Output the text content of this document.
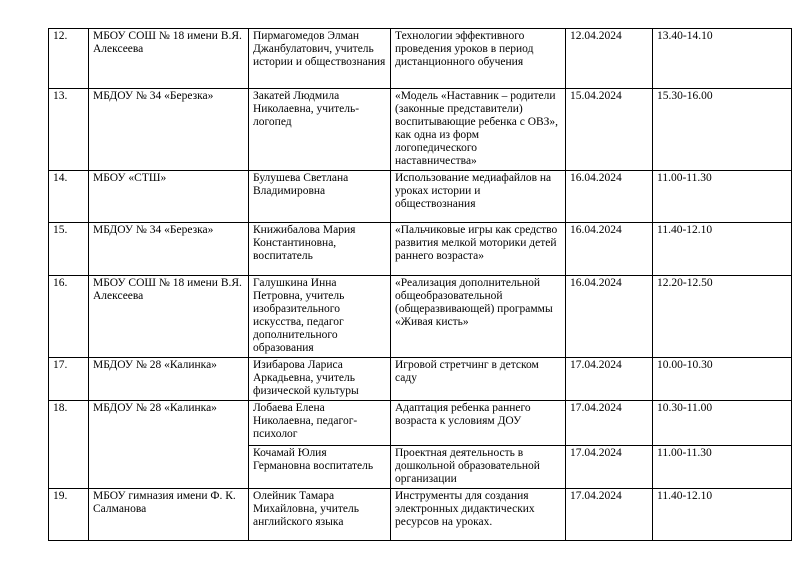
12.	МБОУ СОШ № 18 имени В.Я. Алексеева	Пирмагомедов Элман Джанбулатович, учитель истории и обществознания	Технологии эффективного проведения уроков в период дистанционного обучения	12.04.2024	13.40-14.10
13.	МБДОУ № 34 «Березка»	Закатей Людмила Николаевна, учитель-логопед	«Модель «Наставник – родители (законные представители) воспитывающие ребенка с ОВЗ», как одна из форм логопедического наставничества»	15.04.2024	15.30-16.00
14.	МБОУ «СТШ»	Булушева Светлана Владимировна	Использование медиафайлов на уроках истории и обществознания	16.04.2024	11.00-11.30
15.	МБДОУ № 34 «Березка»	Книжибалова Мария Константиновна, воспитатель	«Пальчиковые игры как средство развития мелкой моторики детей раннего возраста»	16.04.2024	11.40-12.10
16.	МБОУ СОШ № 18 имени В.Я. Алексеева	Галушкина Инна Петровна, учитель изобразительного искусства, педагог дополнительного образования	«Реализация дополнительной общеобразовательной (общеразвивающей) программы «Живая кисть»	16.04.2024	12.20-12.50
17.	МБДОУ № 28 «Калинка»	Изибарова Лариса Аркадьевна, учитель физической культуры	Игровой стретчинг в детском саду	17.04.2024	10.00-10.30
18.	МБДОУ № 28 «Калинка»	Лобаева Елена Николаевна, педагог-психолог	Адаптация ребенка раннего возраста к условиям ДОУ	17.04.2024	10.30-11.00
		Кочамай Юлия Германовна воспитатель	Проектная деятельность в дошкольной образовательной организации	17.04.2024	11.00-11.30
19.	МБОУ гимназия имени Ф. К. Салманова	Олейник Тамара Михайловна, учитель английского языка	Инструменты для создания электронных дидактических ресурсов на уроках.	17.04.2024	11.40-12.10
